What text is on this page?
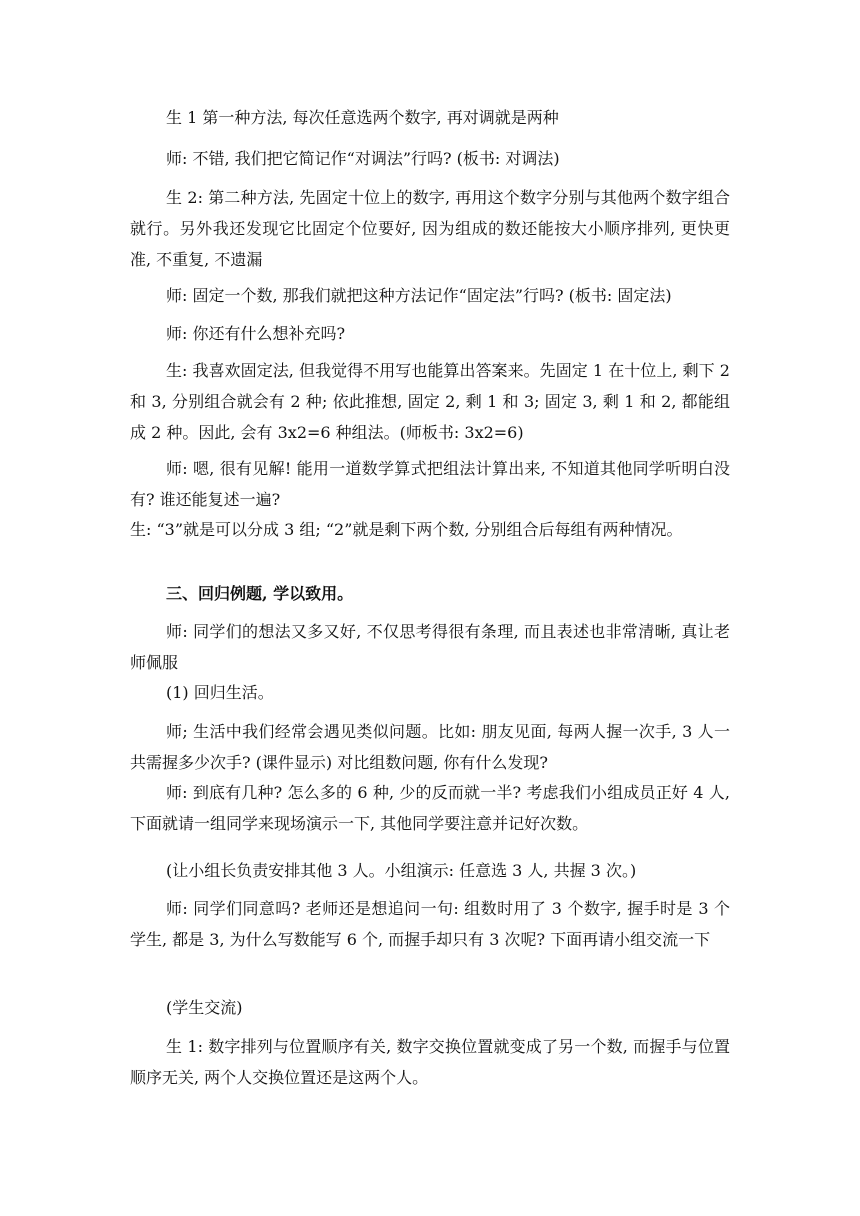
生 1 第一种方法, 每次任意选两个数字, 再对调就是两种

师: 不错, 我们把它简记作“对调法”行吗? (板书: 对调法)

生 2: 第二种方法, 先固定十位上的数字, 再用这个数字分别与其他两个数字组合就行。另外我还发现它比固定个位要好, 因为组成的数还能按大小顺序排列, 更快更准, 不重复, 不遗漏

师: 固定一个数, 那我们就把这种方法记作“固定法”行吗? (板书: 固定法)

师: 你还有什么想补充吗?

生: 我喜欢固定法, 但我觉得不用写也能算出答案来。先固定 1 在十位上, 剩下 2 和 3, 分别组合就会有 2 种; 依此推想, 固定 2, 剩 1 和 3; 固定 3, 剩 1 和 2, 都能组成 2 种。因此, 会有 3x2=6 种组法。(师板书: 3x2=6)

师: 嗯, 很有见解! 能用一道数学算式把组法计算出来, 不知道其他同学听明白没有? 谁还能复述一遍?

生: “3”就是可以分成 3 组; “2”就是剩下两个数, 分别组合后每组有两种情况。

三、回归例题, 学以致用。

师: 同学们的想法又多又好, 不仅思考得很有条理, 而且表述也非常清晰, 真让老师佩服

(1) 回归生活。

师; 生活中我们经常会遇见类似问题。比如: 朋友见面, 每两人握一次手, 3 人一共需握多少次手? (课件显示) 对比组数问题, 你有什么发现?

师: 到底有几种? 怎么多的 6 种, 少的反而就一半? 考虑我们小组成员正好 4 人, 下面就请一组同学来现场演示一下, 其他同学要注意并记好次数。

(让小组长负责安排其他 3 人。小组演示: 任意选 3 人, 共握 3 次。)

师: 同学们同意吗? 老师还是想追问一句: 组数时用了 3 个数字, 握手时是 3 个学生, 都是 3, 为什么写数能写 6 个, 而握手却只有 3 次呢? 下面再请小组交流一下

(学生交流)

生 1: 数字排列与位置顺序有关, 数字交换位置就变成了另一个数, 而握手与位置顺序无关, 两个人交换位置还是这两个人。
